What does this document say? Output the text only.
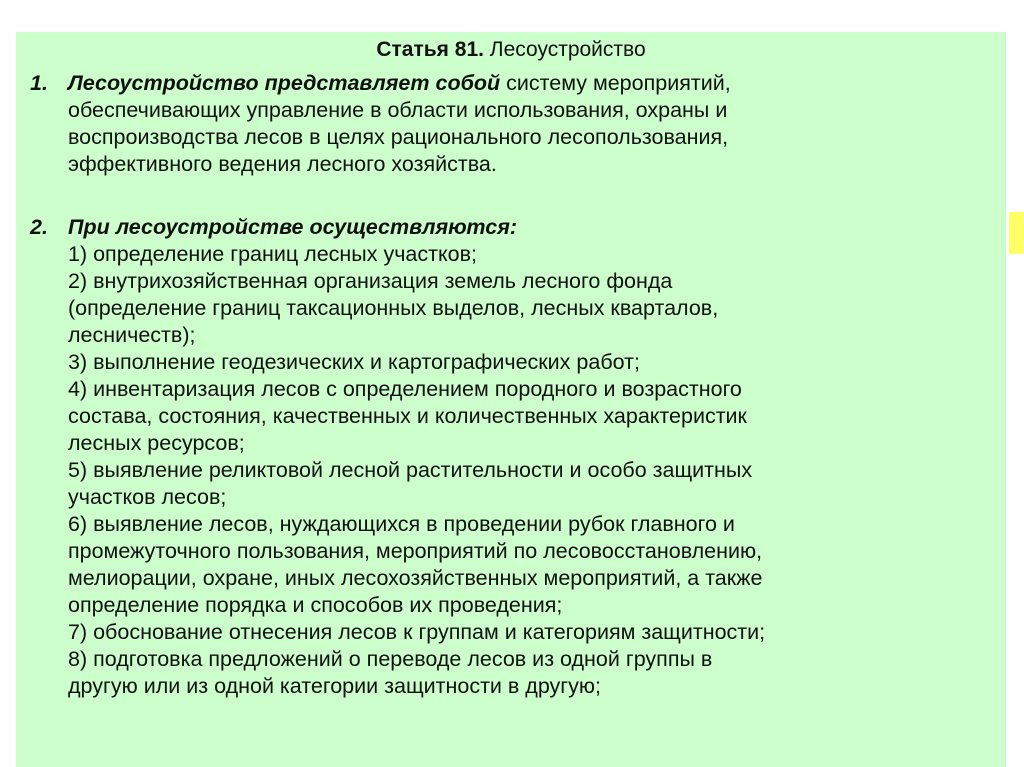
Статья 81. Лесоустройство
1. Лесоустройство представляет собой систему мероприятий,
обеспечивающих управление в области использования, охраны и
воспроизводства лесов в целях рационального лесопользования,
эффективного ведения лесного хозяйства.
2. При лесоустройстве осуществляются:
1) определение границ лесных участков;
2) внутрихозяйственная организация земель лесного фонда
(определение границ таксационных выделов, лесных кварталов,
лесничеств);
3) выполнение геодезических и картографических работ;
4) инвентаризация лесов с определением породного и возрастного
состава, состояния, качественных и количественных характеристик
лесных ресурсов;
5) выявление реликтовой лесной растительности и особо защитных
участков лесов;
6) выявление лесов, нуждающихся в проведении рубок главного и
промежуточного пользования, мероприятий по лесовосстановлению,
мелиорации, охране, иных лесохозяйственных мероприятий, а также
определение порядка и способов их проведения;
7) обоснование отнесения лесов к группам и категориям защитности;
8) подготовка предложений о переводе лесов из одной группы в
другую или из одной категории защитности в другую;
